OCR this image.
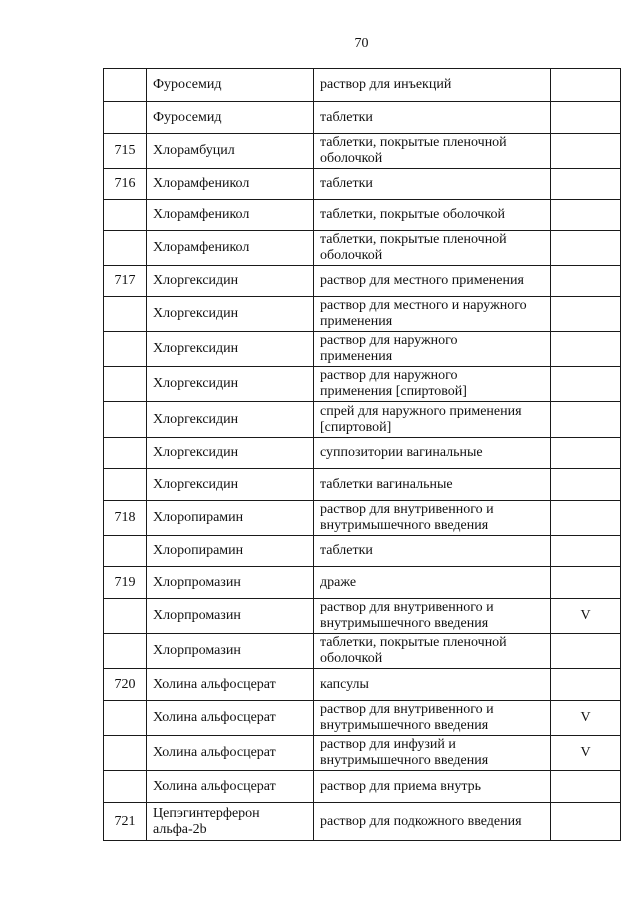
70
	Фуросемид	раствор для инъекций	
	Фуросемид	таблетки	
715	Хлорамбуцил	таблетки, покрытые пленочной
оболочкой	
716	Хлорамфеникол	таблетки	
	Хлорамфеникол	таблетки, покрытые оболочкой	
	Хлорамфеникол	таблетки, покрытые пленочной
оболочкой	
717	Хлоргексидин	раствор для местного применения	
	Хлоргексидин	раствор для местного и наружного
применения	
	Хлоргексидин	раствор для наружного
применения	
	Хлоргексидин	раствор для наружного
применения [спиртовой]	
	Хлоргексидин	спрей для наружного применения
[спиртовой]	
	Хлоргексидин	суппозитории вагинальные	
	Хлоргексидин	таблетки вагинальные	
718	Хлоропирамин	раствор для внутривенного и
внутримышечного введения	
	Хлоропирамин	таблетки	
719	Хлорпромазин	драже	
	Хлорпромазин	раствор для внутривенного и
внутримышечного введения	V
	Хлорпромазин	таблетки, покрытые пленочной
оболочкой	
720	Холина альфосцерат	капсулы	
	Холина альфосцерат	раствор для внутривенного и
внутримышечного введения	V
	Холина альфосцерат	раствор для инфузий и
внутримышечного введения	V
	Холина альфосцерат	раствор для приема внутрь	
721	Цепэгинтерферон
альфа-2b	раствор для подкожного введения	
